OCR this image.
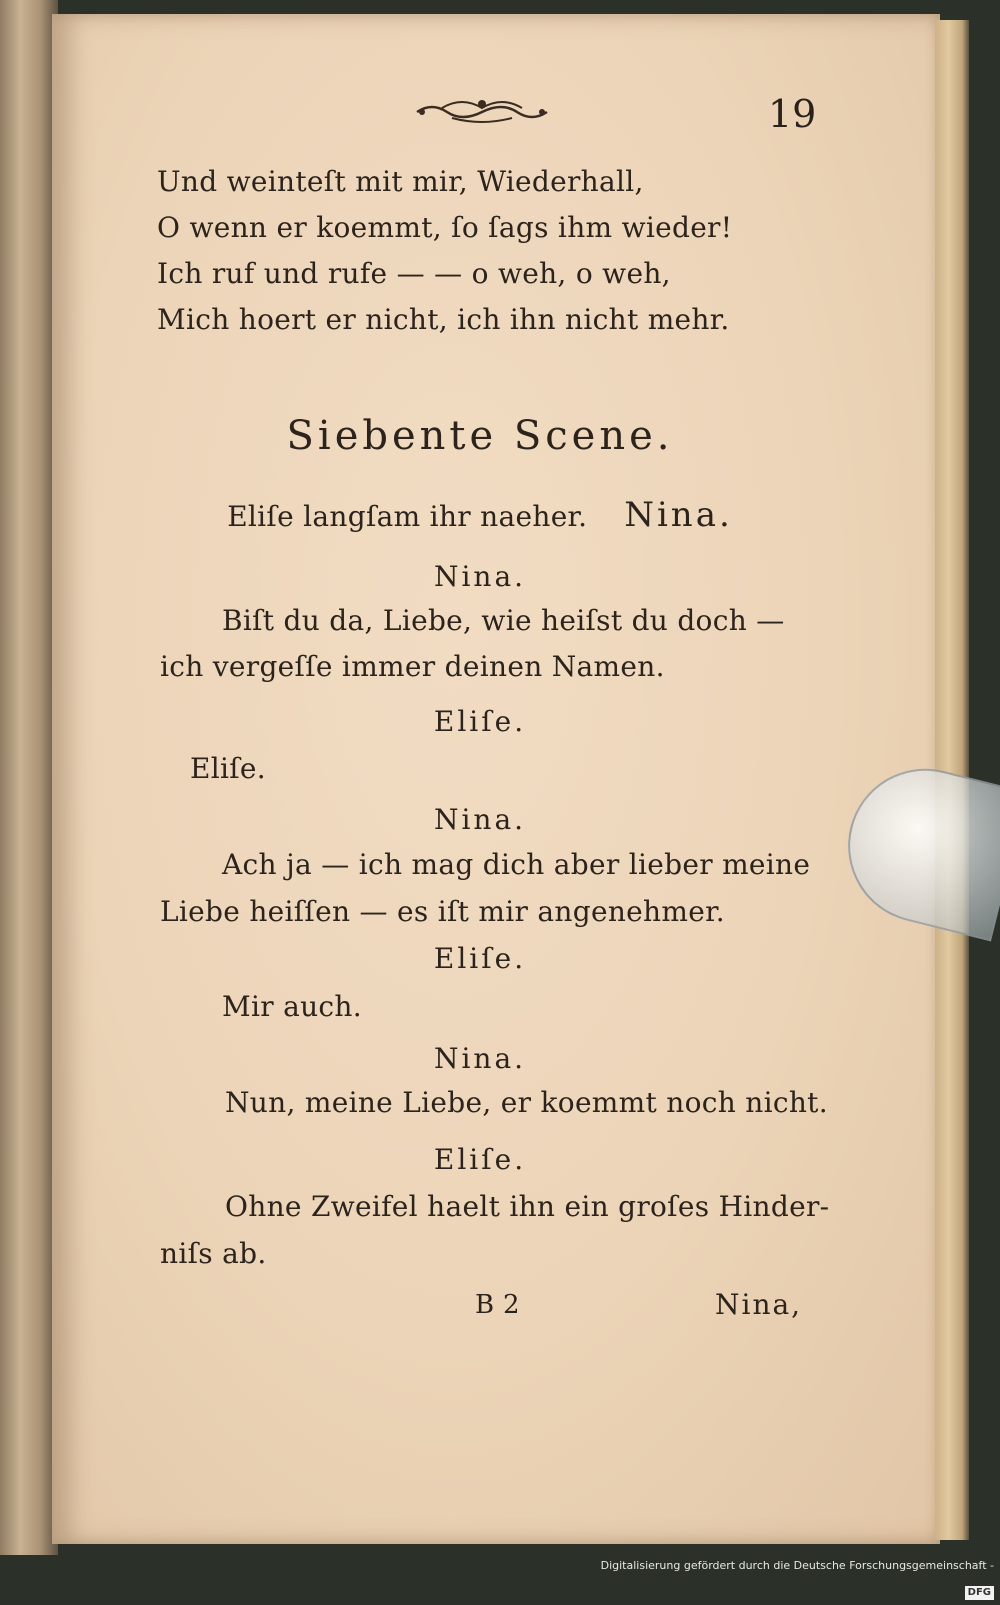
19
Und weinteſt mit mir, Wiederhall,
O wenn er koemmt, ſo ſags ihm wieder!
Ich ruf und rufe — — o weh, o weh,
Mich hoert er nicht, ich ihn nicht mehr.
Siebente Scene.
Eliſe langſam ihr naeher. Nina.
Nina.
Biſt du da, Liebe, wie heiſst du doch —
ich vergeſſe immer deinen Namen.
Eliſe.
Eliſe.
Nina.
Ach ja — ich mag dich aber lieber meine
Liebe heiſſen — es iſt mir angenehmer.
Eliſe.
Mir auch.
Nina.
Nun, meine Liebe, er koemmt noch nicht.
Eliſe.
Ohne Zweifel haelt ihn ein groſes Hinder-
niſs ab.
B 2	Nina,
Digitalisierung gefördert durch die Deutsche Forschungsgemeinschaft -DFG
